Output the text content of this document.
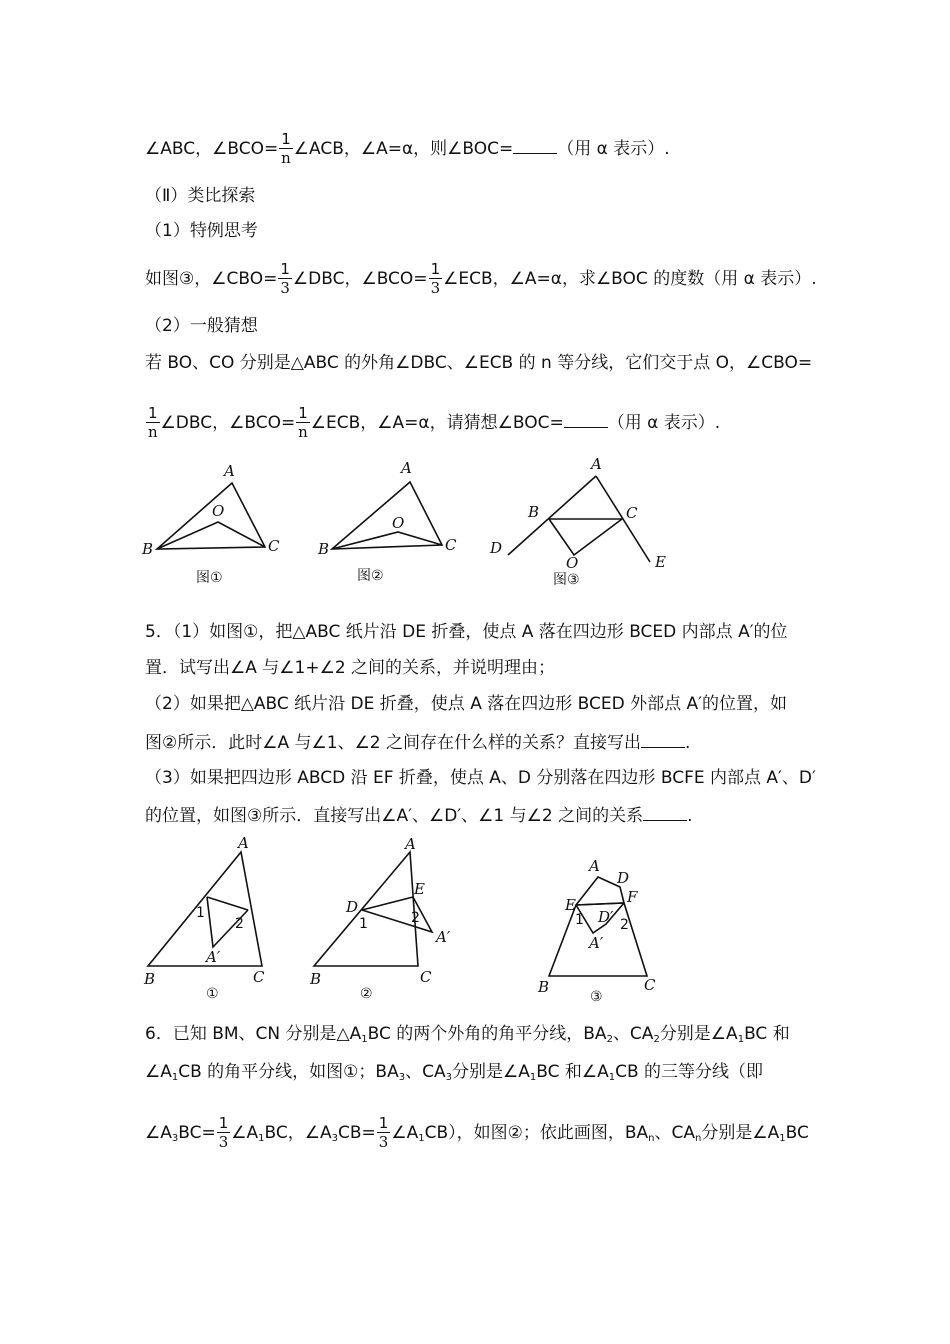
∠ABC，∠BCO= $\frac{1}{n}$ ∠ACB，∠A=α，则∠BOC=	（用 α 表示）.
（Ⅱ）类比探索
（1）特例思考
如图③，∠CBO= $\frac{1}{3}$ ∠DBC，∠BCO= $\frac{1}{3}$ ∠ECB，∠A=α，求∠BOC 的度数（用 α 表示）.
（2）一般猜想
若 BO、CO 分别是△ABC 的外角∠DBC、∠ECB 的 n 等分线，它们交于点 O，∠CBO=
$\frac{1}{n}$ ∠DBC，∠BCO= $\frac{1}{n}$ ∠ECB，∠A=α，请猜想∠BOC=	（用 α 表示）.
A
B	C
O
图①
A
B	C
O
图②
A
B	C
O
D
E
图③
5．（1）如图①，把△ABC 纸片沿 DE 折叠，使点 A 落在四边形 BCED 内部点 A′的位
置．试写出∠A 与∠1+∠2 之间的关系，并说明理由；
（2）如果把△ABC 纸片沿 DE 折叠，使点 A 落在四边形 BCED 外部点 A′的位置，如
图②所示．此时∠A 与∠1、∠2 之间存在什么样的关系？直接写出	.
（3）如果把四边形 ABCD 沿 EF 折叠，使点 A、D 分别落在四边形 BCFE 内部点 A′、D′
的位置，如图③所示．直接写出∠A′、∠D′、∠1 与∠2 之间的关系	.
A
B	C
A′
1
2
①
A
B	C
D
E
A′
1	2
②
A
D
E	F
D′
A′
B	C
1	2
③
6．已知 BM、CN 分别是$\triangle A_1BC$ 的两个外角的角平分线，$BA_2$、$CA_2$分别是$\angle A_1BC$ 和
$\angle A_1CB$ 的角平分线，如图①；$BA_3$、$CA_3$分别是$\angle A_1BC$ 和$\angle A_1CB$ 的三等分线（即
$\angle A_3BC= \frac{1}{3}$ $\angle A_1BC$，$\angle A_3CB= \frac{1}{3}$ $\angle A_1CB$），如图②；依此画图，$BA_n$、$CA_n$分别是$\angle A_1BC$
